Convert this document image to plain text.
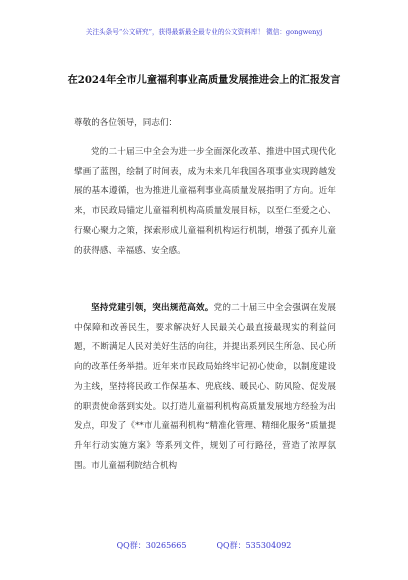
关注头条号“公文研究”，获得最新最全最专业的公文资料库！ 微信：gongwenyj
在2024年全市儿童福利事业高质量发展推进会上的汇报发言
尊敬的各位领导，同志们：
党的二十届三中全会为进一步全面深化改革、推进中国式现代化擘画了蓝图，绘制了时间表，成为未来几年我国各项事业实现跨越发展的基本遵循，也为推进儿童福利事业高质量发展指明了方向。近年来，市民政局锚定儿童福利机构高质量发展目标，以至仁至爱之心、行聚心聚力之策，探索形成儿童福利机构运行机制，增强了孤弃儿童的获得感、幸福感、安全感。
坚持党建引领，突出规范高效。党的二十届三中全会强调在发展中保障和改善民生，要求解决好人民最关心最直接最现实的利益问题，不断满足人民对美好生活的向往，并提出系列民生所急、民心所向的改革任务举措。近年来市民政局始终牢记初心使命，以制度建设为主线，坚持将民政工作保基本、兜底线、暖民心、防风险、促发展的职责使命落到实处。以打造儿童福利机构高质量发展地方经验为出发点，印发了《**市儿童福利机构“精准化管理、精细化服务”质量提升年行动实施方案》等系列文件，规划了可行路径，营造了浓厚氛围。市儿童福利院结合机构
QQ群：30265665	QQ群：535304092
